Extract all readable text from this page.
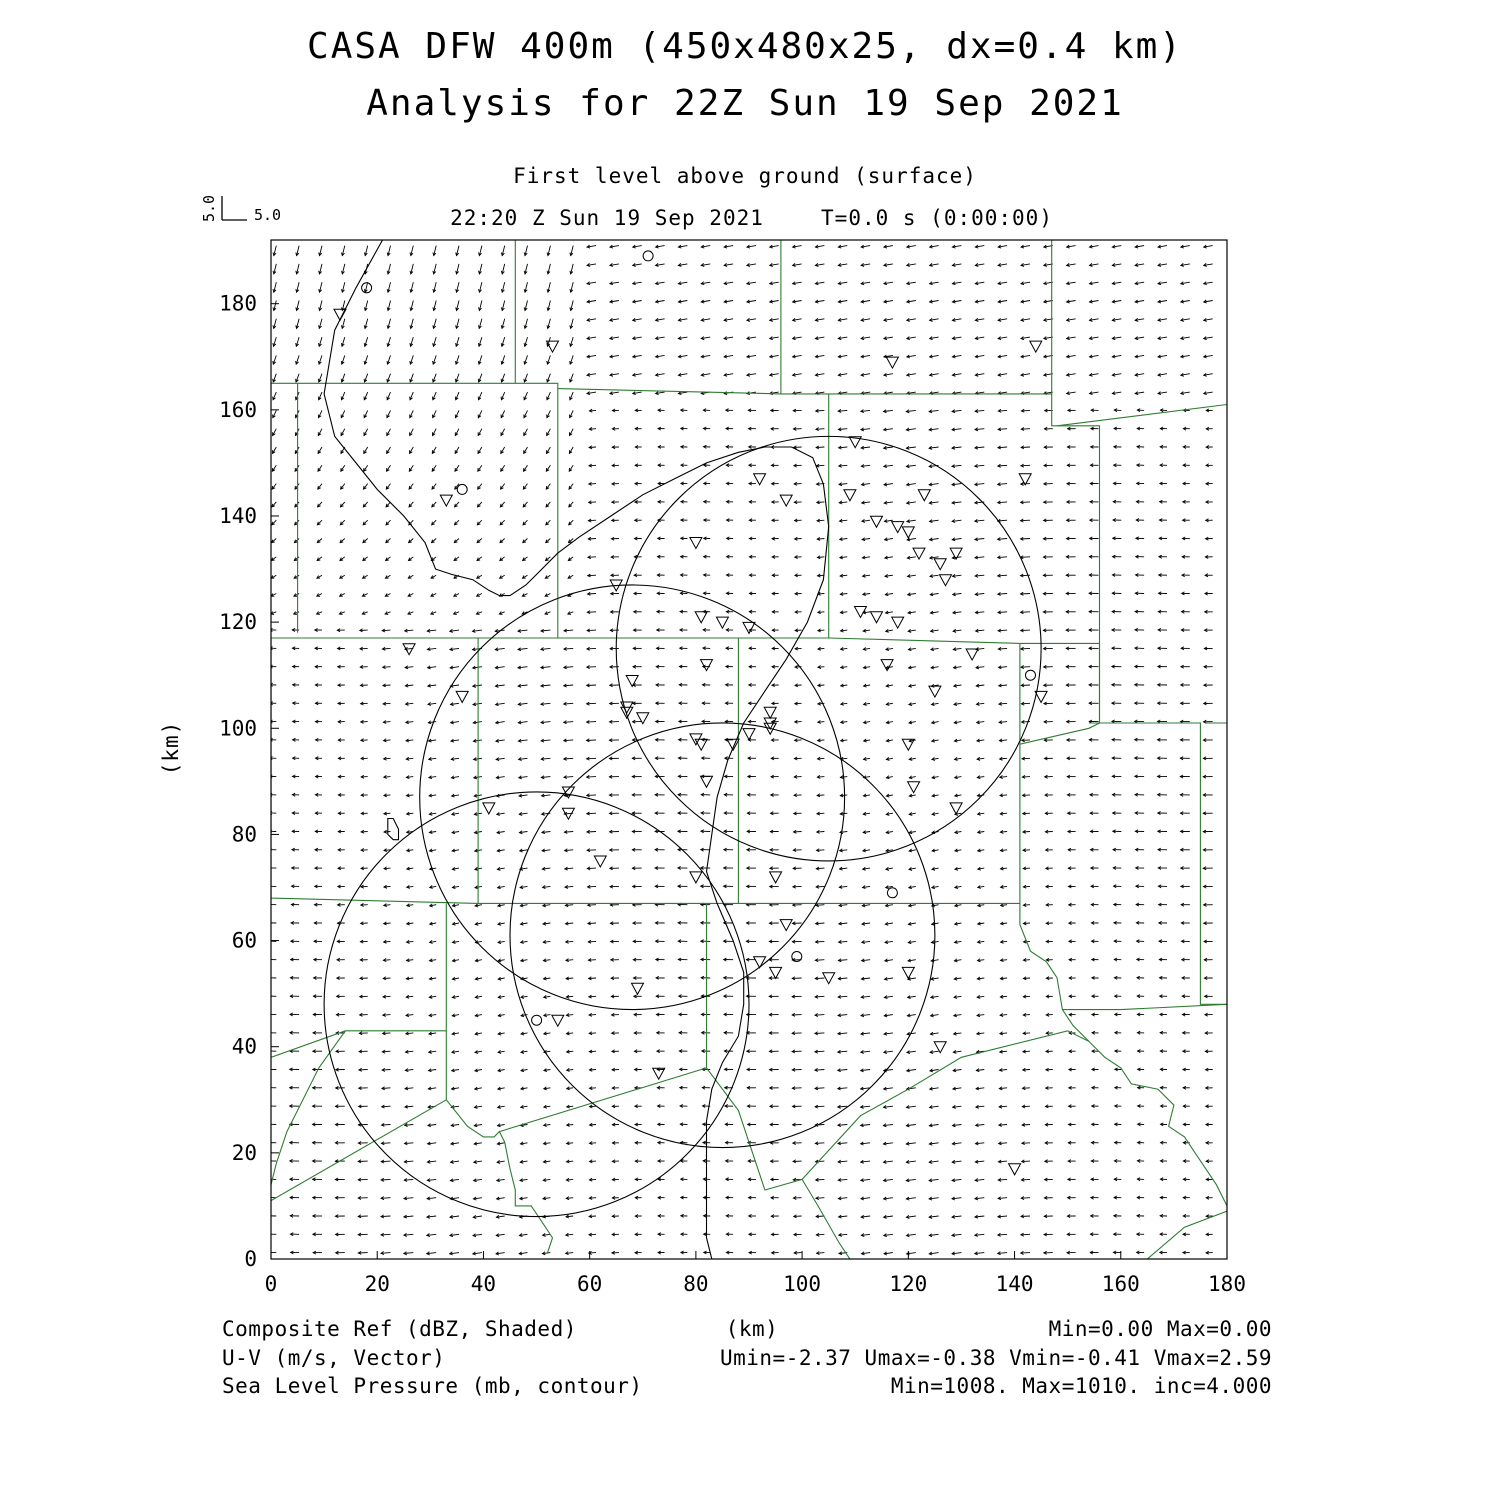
CASA DFW 400m (450x480x25, dx=0.4 km)
Analysis for 22Z Sun 19 Sep 2021
First level above ground (surface)
22:20 Z Sun 19 Sep 2021	T=0.0 s (0:00:00)
5.0
5.0
0	20	40	60	80	100	120	140	160	180
0
20
40
60
80
100
120
140
160
180
(km)
(km)
Composite Ref (dBZ, Shaded)	Min=0.00 Max=0.00
U-V (m/s, Vector)	Umin=-2.37 Umax=-0.38 Vmin=-0.41 Vmax=2.59
Sea Level Pressure (mb, contour)	Min=1008. Max=1010. inc=4.000
